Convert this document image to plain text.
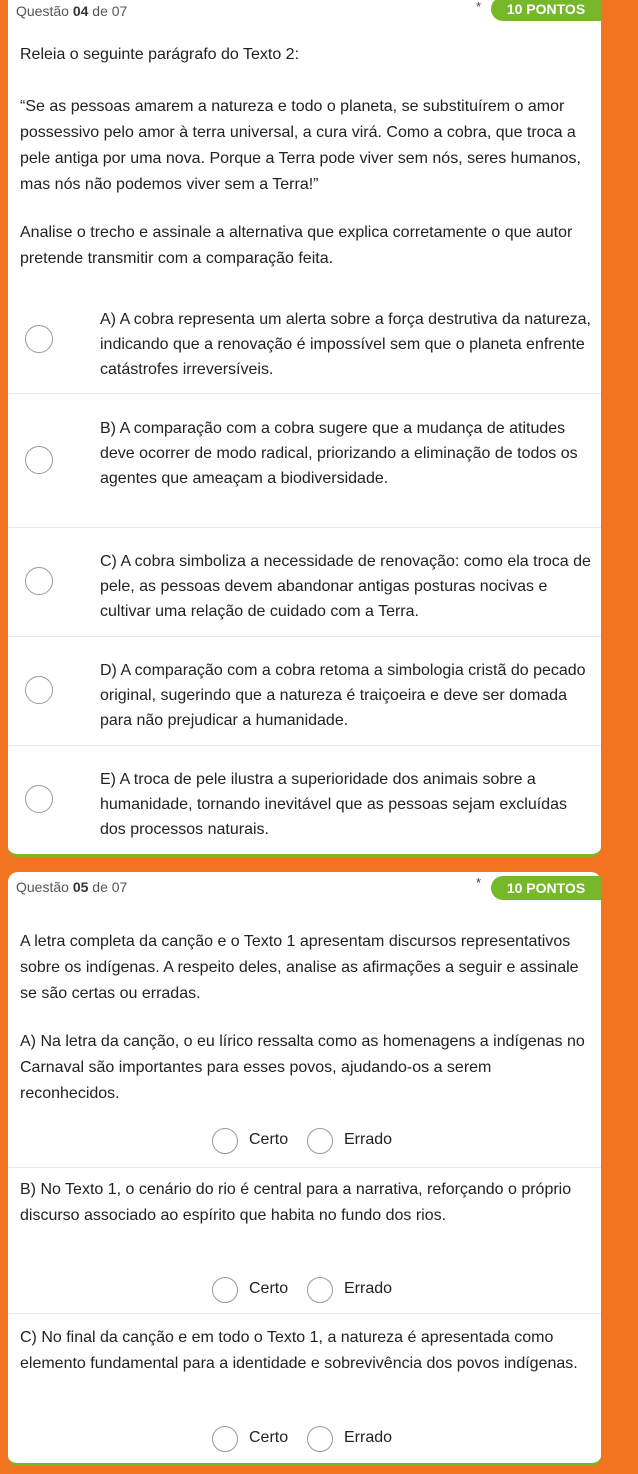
Questão 04 de 07	*	10 PONTOS

Releia o seguinte parágrafo do Texto 2:

“Se as pessoas amarem a natureza e todo o planeta, se substituírem o amor possessivo pelo amor à terra universal, a cura virá. Como a cobra, que troca a pele antiga por uma nova. Porque a Terra pode viver sem nós, seres humanos, mas nós não podemos viver sem a Terra!”

Analise o trecho e assinale a alternativa que explica corretamente o que autor pretende transmitir com a comparação feita.

A) A cobra representa um alerta sobre a força destrutiva da natureza, indicando que a renovação é impossível sem que o planeta enfrente catástrofes irreversíveis.
B) A comparação com a cobra sugere que a mudança de atitudes deve ocorrer de modo radical, priorizando a eliminação de todos os agentes que ameaçam a biodiversidade.
C) A cobra simboliza a necessidade de renovação: como ela troca de pele, as pessoas devem abandonar antigas posturas nocivas e cultivar uma relação de cuidado com a Terra.
D) A comparação com a cobra retoma a simbologia cristã do pecado original, sugerindo que a natureza é traiçoeira e deve ser domada para não prejudicar a humanidade.
E) A troca de pele ilustra a superioridade dos animais sobre a humanidade, tornando inevitável que as pessoas sejam excluídas dos processos naturais.
Questão 05 de 07	*	10 PONTOS

A letra completa da canção e o Texto 1 apresentam discursos representativos sobre os indígenas. A respeito deles, analise as afirmações a seguir e assinale se são certas ou erradas.

A) Na letra da canção, o eu lírico ressalta como as homenagens a indígenas no Carnaval são importantes para esses povos, ajudando-os a serem reconhecidos.

Certo	Errado

B) No Texto 1, o cenário do rio é central para a narrativa, reforçando o próprio discurso associado ao espírito que habita no fundo dos rios.

Certo	Errado

C) No final da canção e em todo o Texto 1, a natureza é apresentada como elemento fundamental para a identidade e sobrevivência dos povos indígenas.

Certo	Errado
